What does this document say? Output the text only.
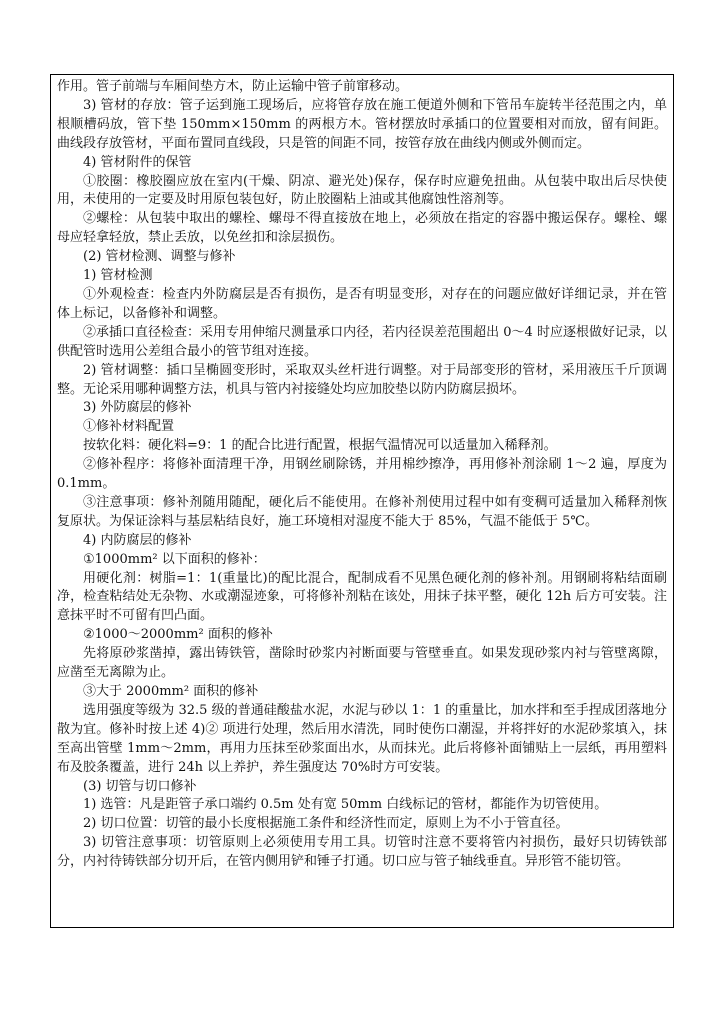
作用。管子前端与车厢间垫方木，防止运输中管子前窜移动。

3) 管材的存放：管子运到施工现场后，应将管存放在施工便道外侧和下管吊车旋转半径范围之内，单根顺槽码放，管下垫 150mm×150mm 的两根方木。管材摆放时承插口的位置要相对而放，留有间距。曲线段存放管材，平面布置同直线段，只是管的间距不同，按管存放在曲线内侧或外侧而定。

4) 管材附件的保管

①胶圈：橡胶圈应放在室内(干燥、阴凉、避光处)保存，保存时应避免扭曲。从包装中取出后尽快使用，未使用的一定要及时用原包装包好，防止胶圈粘上油或其他腐蚀性溶剂等。

②螺栓：从包装中取出的螺栓、螺母不得直接放在地上，必须放在指定的容器中搬运保存。螺栓、螺母应轻拿轻放，禁止丢放，以免丝扣和涂层损伤。

(2) 管材检测、调整与修补

1) 管材检测

①外观检查：检查内外防腐层是否有损伤，是否有明显变形，对存在的问题应做好详细记录，并在管体上标记，以备修补和调整。

②承插口直径检查：采用专用伸缩尺测量承口内径，若内径误差范围超出 0～4 时应逐根做好记录，以供配管时选用公差组合最小的管节组对连接。

2) 管材调整：插口呈椭圆变形时，采取双头丝杆进行调整。对于局部变形的管材，采用液压千斤顶调整。无论采用哪种调整方法，机具与管内衬接缝处均应加胶垫以防内防腐层损坏。

3) 外防腐层的修补

①修补材料配置

按软化料：硬化料=9：1 的配合比进行配置，根据气温情况可以适量加入稀释剂。

②修补程序：将修补面清理干净，用钢丝刷除锈，并用棉纱擦净，再用修补剂涂刷 1～2 遍，厚度为 0.1mm。

③注意事项：修补剂随用随配，硬化后不能使用。在修补剂使用过程中如有变稠可适量加入稀释剂恢复原状。为保证涂料与基层粘结良好，施工环境相对湿度不能大于 85%，气温不能低于 5℃。

4) 内防腐层的修补

①1000mm² 以下面积的修补：

用硬化剂：树脂=1：1(重量比)的配比混合，配制成看不见黑色硬化剂的修补剂。用钢刷将粘结面刷净，检查粘结处无杂物、水或潮湿迹象，可将修补剂粘在该处，用抹子抹平整，硬化 12h 后方可安装。注意抹平时不可留有凹凸面。

②1000～2000mm² 面积的修补

先将原砂浆凿掉，露出铸铁管，凿除时砂浆内衬断面要与管壁垂直。如果发现砂浆内衬与管壁离隙，应凿至无离隙为止。

③大于 2000mm² 面积的修补

选用强度等级为 32.5 级的普通硅酸盐水泥，水泥与砂以 1：1 的重量比，加水拌和至手捏成团落地分散为宜。修补时按上述 4)② 项进行处理，然后用水清洗，同时使伤口潮湿，并将拌好的水泥砂浆填入，抹至高出管壁 1mm～2mm，再用力压抹至砂浆面出水，从而抹光。此后将修补面铺贴上一层纸，再用塑料布及胶条覆盖，进行 24h 以上养护，养生强度达 70%时方可安装。

(3) 切管与切口修补

1) 选管：凡是距管子承口端约 0.5m 处有宽 50mm 白线标记的管材，都能作为切管使用。

2) 切口位置：切管的最小长度根据施工条件和经济性而定，原则上为不小于管直径。

3) 切管注意事项：切管原则上必须使用专用工具。切管时注意不要将管内衬损伤，最好只切铸铁部分，内衬待铸铁部分切开后，在管内侧用铲和锤子打通。切口应与管子轴线垂直。异形管不能切管。
